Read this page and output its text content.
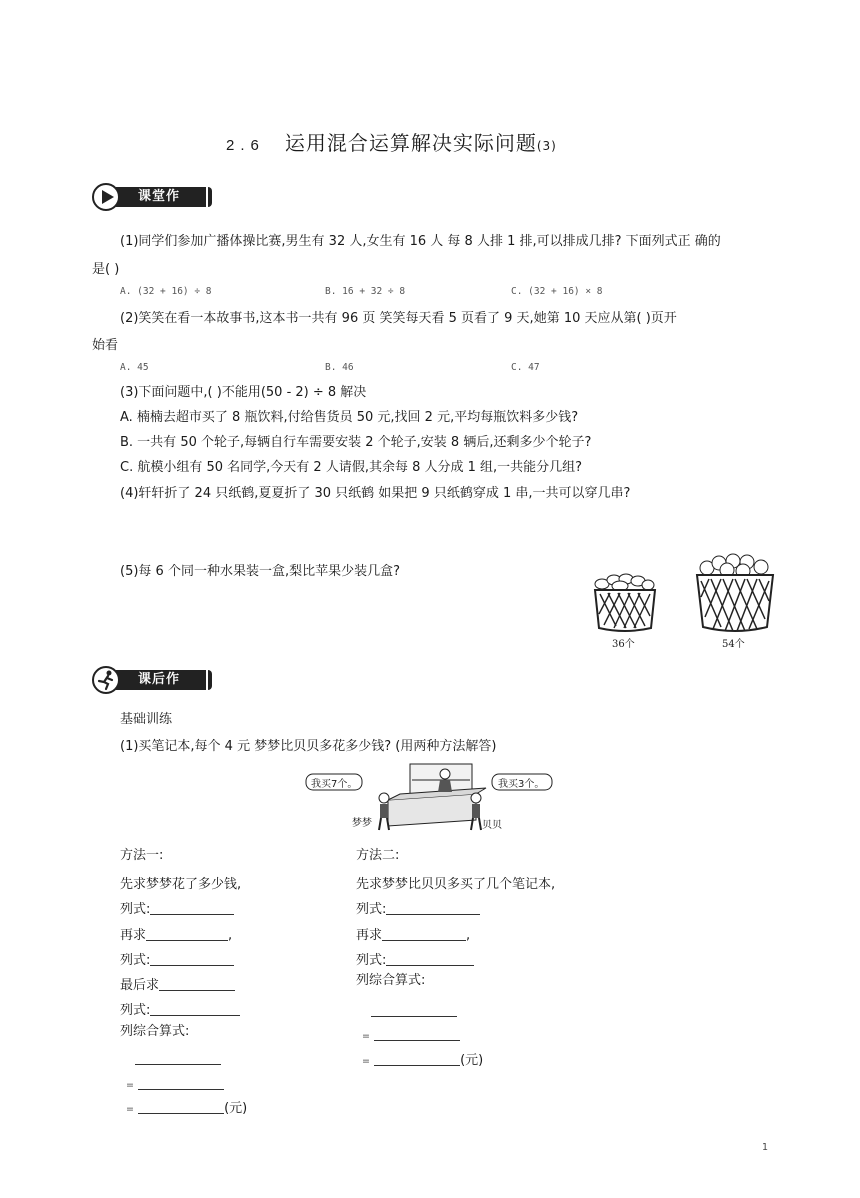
2.6 运用混合运算解决实际问题(3)
课堂作业
(1)同学们参加广播体操比赛,男生有 32 人,女生有 16 人 每 8 人排 1 排,可以排成几排? 下面列式正 确的
是( )
A. (32 + 16) ÷ 8	B. 16 + 32 ÷ 8	C. (32 + 16) × 8
(2)笑笑在看一本故事书,这本书一共有 96 页 笑笑每天看 5 页看了 9 天,她第 10 天应从第( )页开
始看
A. 45	B. 46	C. 47
(3)下面问题中,( )不能用(50 - 2) ÷ 8 解决
A. 楠楠去超市买了 8 瓶饮料,付给售货员 50 元,找回 2 元,平均每瓶饮料多少钱?
B. 一共有 50 个轮子,每辆自行车需要安装 2 个轮子,安装 8 辆后,还剩多少个轮子?
C. 航模小组有 50 名同学,今天有 2 人请假,其余每 8 人分成 1 组,一共能分几组?
(4)轩轩折了 24 只纸鹤,夏夏折了 30 只纸鹤 如果把 9 只纸鹤穿成 1 串,一共可以穿几串?
(5)每 6 个同一种水果装一盒,梨比苹果少装几盒?
36个	54个
课后作业
基础训练
(1)买笔记本,每个 4 元 梦梦比贝贝多花多少钱? (用两种方法解答)
我买7个。	我买3个。
梦梦	贝贝
方法一:
先求梦梦花了多少钱,
列式:
再求	,
列式:
最后求
列式:
列综合算式:
=
=	(元)
方法二:
先求梦梦比贝贝多买了几个笔记本,
列式:
再求	,
列式:
列综合算式:
=
=	(元)
1
